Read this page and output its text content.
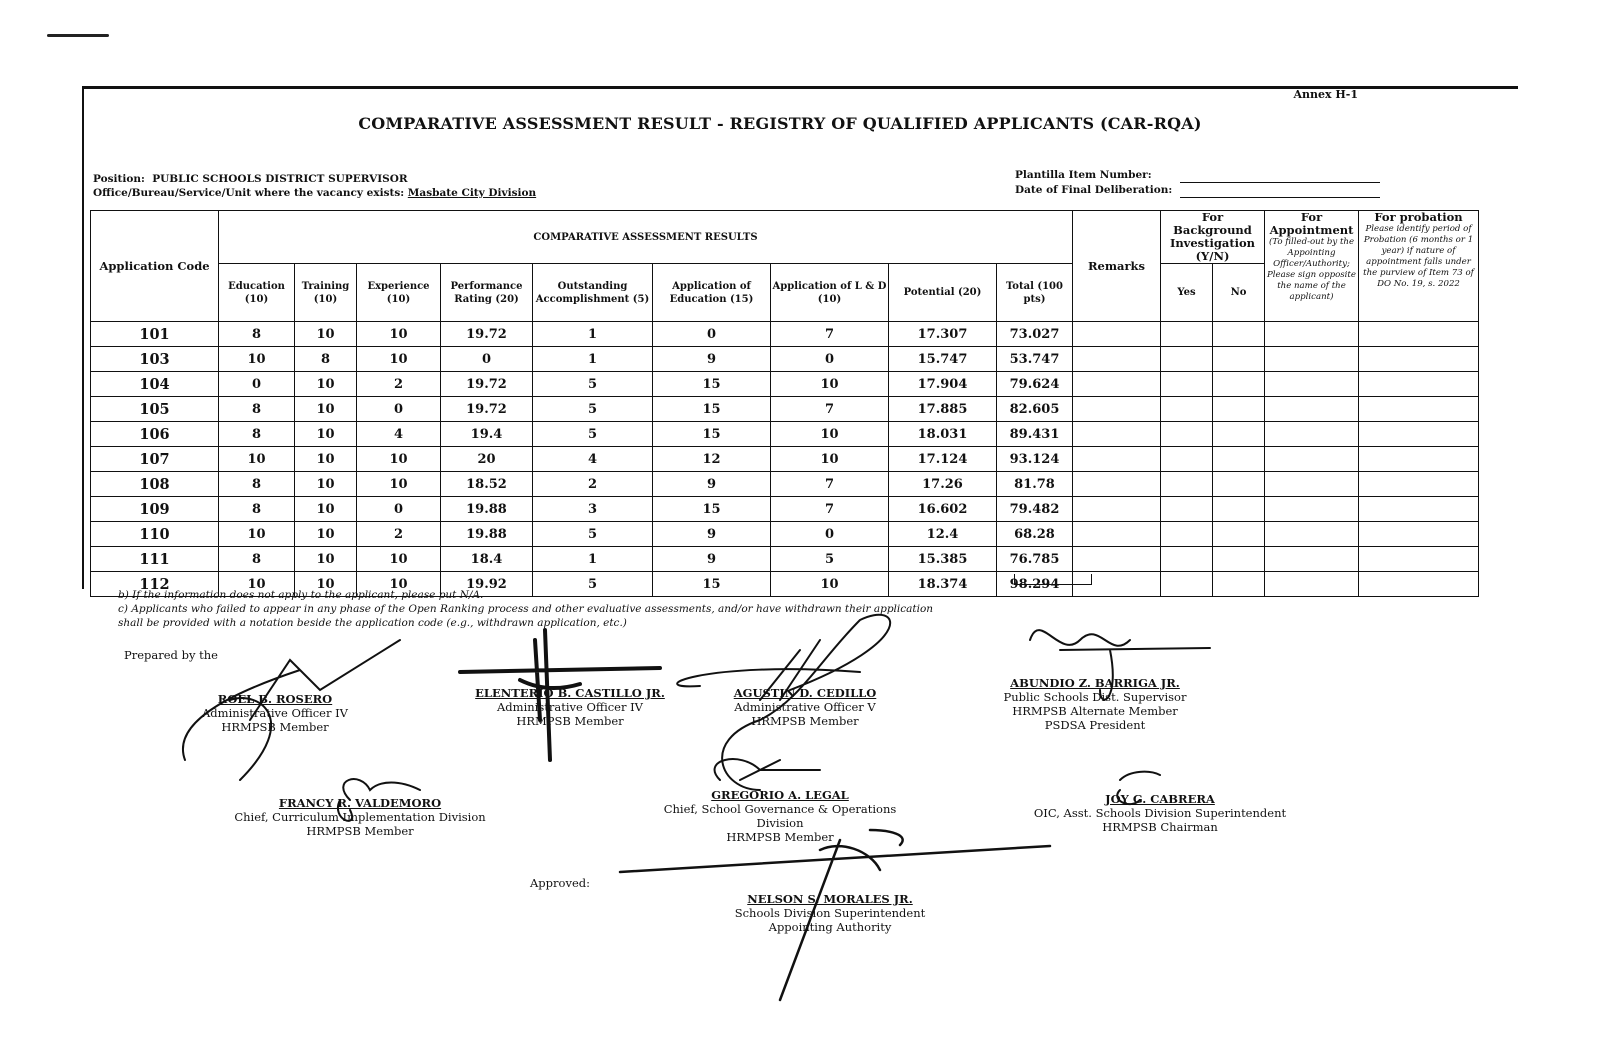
Annex H-1
COMPARATIVE ASSESSMENT RESULT - REGISTRY OF QUALIFIED APPLICANTS (CAR-RQA)
Position: PUBLIC SCHOOLS DISTRICT SUPERVISOR
Office/Bureau/Service/Unit where the vacancy exists: Masbate City Division
Plantilla Item Number:
Date of Final Deliberation:
Application Code	COMPARATIVE ASSESSMENT RESULTS									Remarks	For Background Investigation (Y/N)		For Appointment
(To filled-out by the Appointing Officer/Authority; Please sign opposite the name of the applicant)	For probation
Please identify period of Probation (6 months or 1 year) if nature of appointment falls under the purview of Item 73 of DO No. 19, s. 2022

	Education (10)	Training (10)	Experience (10)	Performance Rating (20)	Outstanding Accomplishment (5)	Application of Education (15)	Application of L & D (10)	Potential (20)	Total (100 pts)		Yes	No		
101	8	10	10	19.72	1	0	7	17.307	73.027					
103	10	8	10	0	1	9	0	15.747	53.747					
104	0	10	2	19.72	5	15	10	17.904	79.624					
105	8	10	0	19.72	5	15	7	17.885	82.605					
106	8	10	4	19.4	5	15	10	18.031	89.431					
107	10	10	10	20	4	12	10	17.124	93.124					
108	8	10	10	18.52	2	9	7	17.26	81.78					
109	8	10	0	19.88	3	15	7	16.602	79.482					
110	10	10	2	19.88	5	9	0	12.4	68.28					
111	8	10	10	18.4	1	9	5	15.385	76.785					
112	10	10	10	19.92	5	15	10	18.374	98.294					
b) If the information does not apply to the applicant, please put N/A.
c) Applicants who failed to appear in any phase of the Open Ranking process and other evaluative assessments, and/or have withdrawn their application
shall be provided with a notation beside the application code (e.g., withdrawn application, etc.)
Prepared by the
Approved:
ROEL B. ROSERO
Administrative Officer IV
HRMPSB Member
ELENTERIO B. CASTILLO JR.
Administrative Officer IV
HRMPSB Member
AGUSTIN D. CEDILLO
Administrative Officer V
HRMPSB Member
ABUNDIO Z. BARRIGA JR.
Public Schools Dist. Supervisor
HRMPSB Alternate Member
PSDSA President
FRANCY R. VALDEMORO
Chief, Curriculum Implementation Division
HRMPSB Member
GREGORIO A. LEGAL
Chief, School Governance & Operations
Division
HRMPSB Member
JOY G. CABRERA
OIC, Asst. Schools Division Superintendent
HRMPSB Chairman
NELSON S. MORALES JR.
Schools Division Superintendent
Appointing Authority
